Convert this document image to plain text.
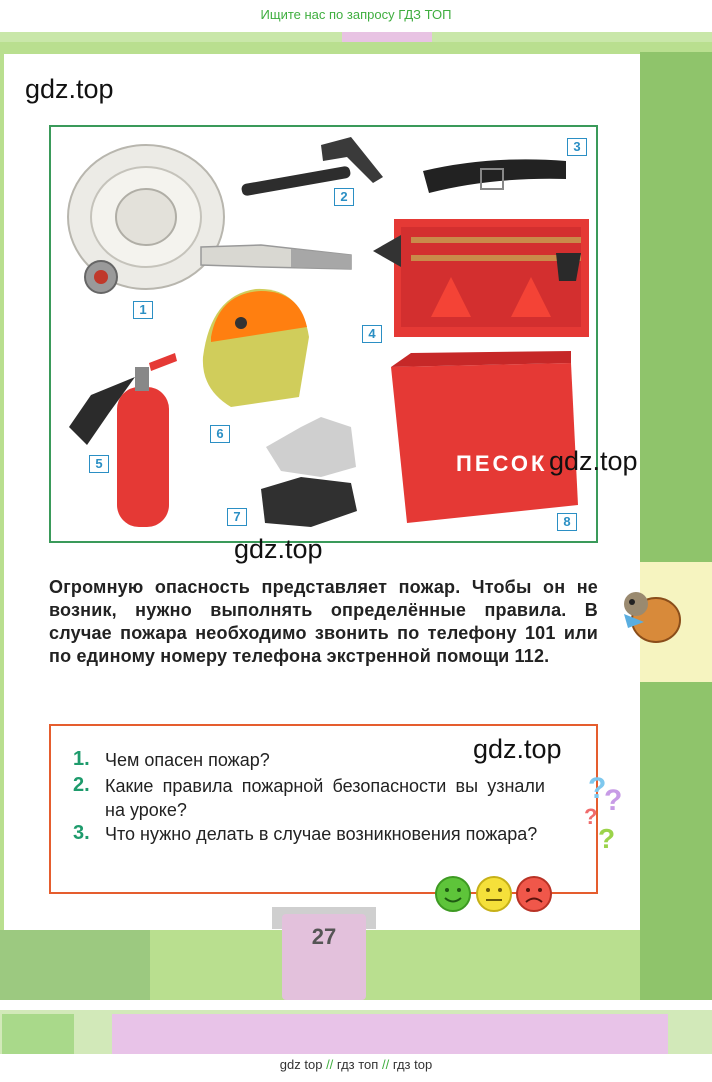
Ищите нас по запросу ГДЗ ТОП
gdz.top
ПЕСОК
1
2
3
4
5
6
7	8
gdz.top
gdz.top
Огромную опасность представляет пожар. Чтобы он не возник, нужно выполнять определённые правила. В случае пожара необходимо звонить по телефону 101 или по единому номеру телефона экстренной помощи 112.
1. Чем опасен пожар?
2. Какие правила пожарной безопасности вы узнали на уроке?
3. Что нужно делать в случае возникновения пожара?
gdz.top
?
?
?
?
27
gdz top // гдз топ // гдз top
